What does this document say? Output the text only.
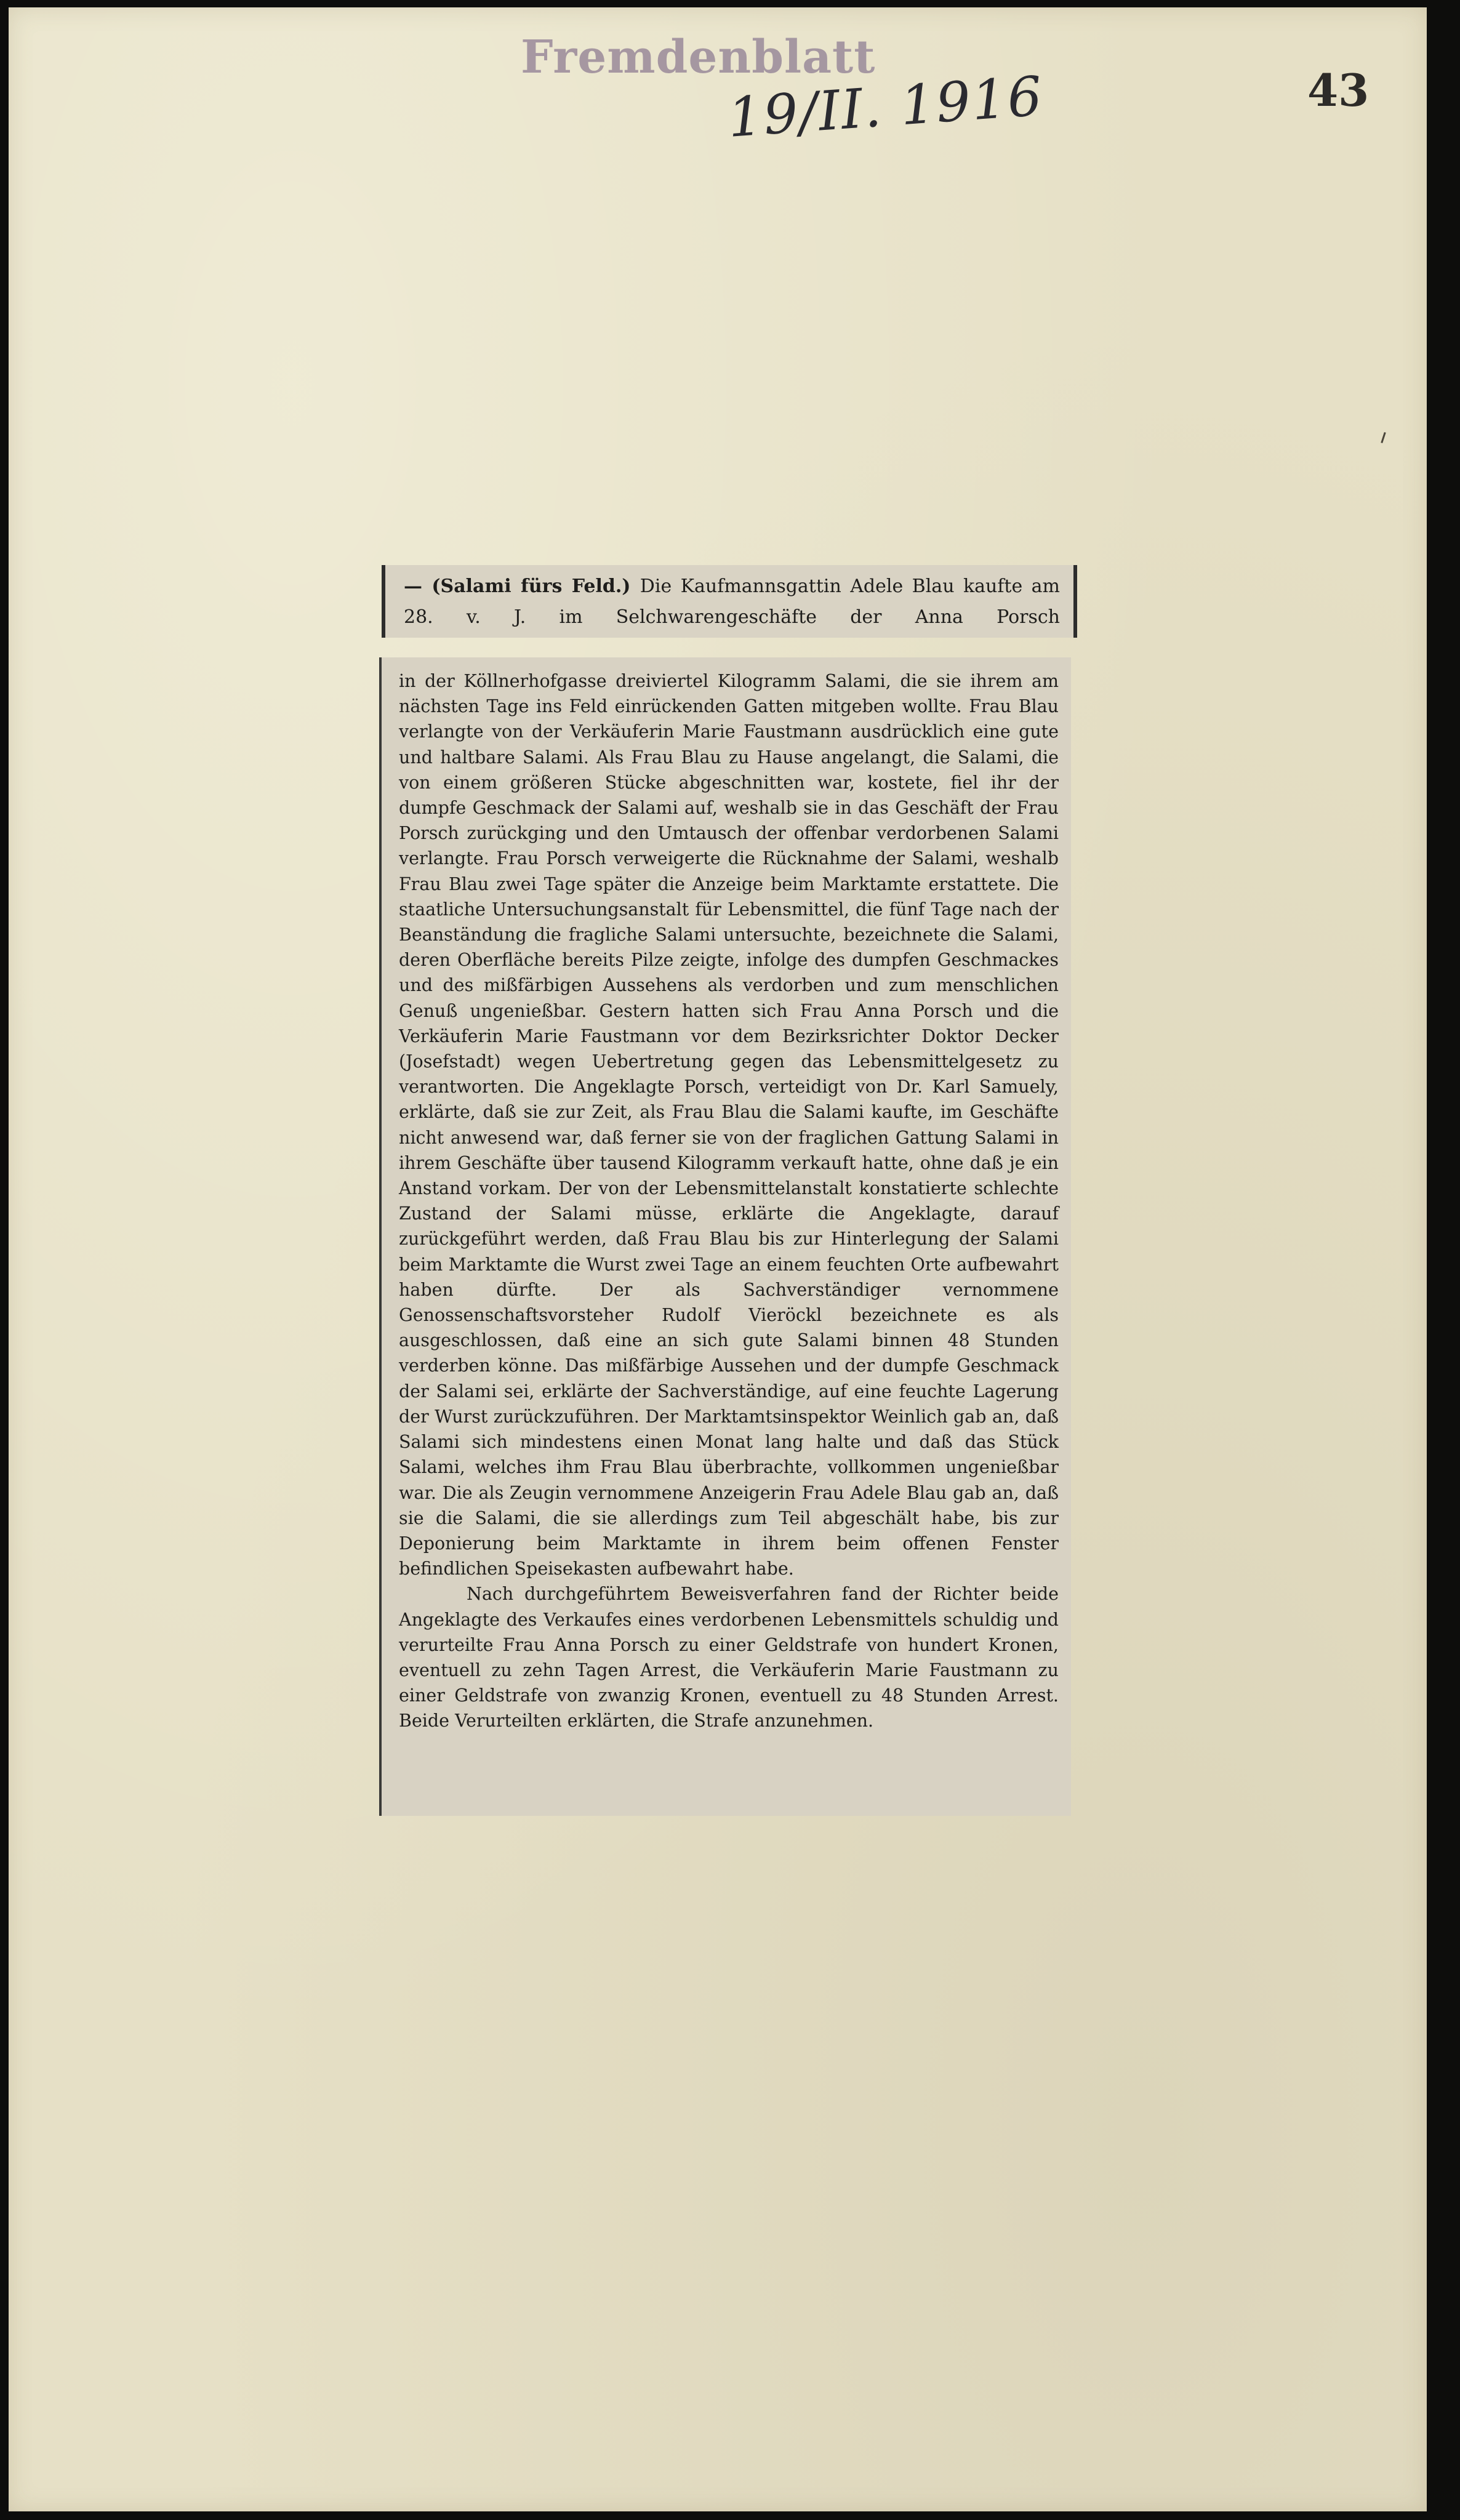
Fremdenblatt
19/II. 1916	43
— (Salami fürs Feld.) Die Kaufmannsgattin Adele Blau kaufte am 28. v. J. im Selchwarengeschäfte der Anna Porsch

in der Köllnerhofgasse dreiviertel Kilogramm Salami, die sie ihrem am nächsten Tage ins Feld einrückenden Gatten mitgeben wollte. Frau Blau verlangte von der Verkäuferin Marie Faustmann ausdrücklich eine gute und haltbare Salami. Als Frau Blau zu Hause angelangt, die Salami, die von einem größeren Stücke abgeschnitten war, kostete, fiel ihr der dumpfe Geschmack der Salami auf, weshalb sie in das Geschäft der Frau Porsch zurückging und den Umtausch der offenbar verdorbenen Salami verlangte. Frau Porsch verweigerte die Rücknahme der Salami, weshalb Frau Blau zwei Tage später die Anzeige beim Marktamte erstattete. Die staatliche Untersuchungsanstalt für Lebensmittel, die fünf Tage nach der Beanständung die fragliche Salami untersuchte, bezeichnete die Salami, deren Oberfläche bereits Pilze zeigte, infolge des dumpfen Geschmackes und des mißfärbigen Aussehens als verdorben und zum menschlichen Genuß ungenießbar. Gestern hatten sich Frau Anna Porsch und die Verkäuferin Marie Faustmann vor dem Bezirksrichter Doktor Decker (Josefstadt) wegen Uebertretung gegen das Lebensmittelgesetz zu verantworten. Die Angeklagte Porsch, verteidigt von Dr. Karl Samuely, erklärte, daß sie zur Zeit, als Frau Blau die Salami kaufte, im Geschäfte nicht anwesend war, daß ferner sie von der fraglichen Gattung Salami in ihrem Geschäfte über tausend Kilogramm verkauft hatte, ohne daß je ein Anstand vorkam. Der von der Lebensmittelanstalt konstatierte schlechte Zustand der Salami müsse, erklärte die Angeklagte, darauf zurückgeführt werden, daß Frau Blau bis zur Hinterlegung der Salami beim Marktamte die Wurst zwei Tage an einem feuchten Orte aufbewahrt haben dürfte. Der als Sachverständiger vernommene Genossenschaftsvorsteher Rudolf Vieröckl bezeichnete es als ausgeschlossen, daß eine an sich gute Salami binnen 48 Stunden verderben könne. Das mißfärbige Aussehen und der dumpfe Geschmack der Salami sei, erklärte der Sachverständige, auf eine feuchte Lagerung der Wurst zurückzuführen. Der Marktamtsinspektor Weinlich gab an, daß Salami sich mindestens einen Monat lang halte und daß das Stück Salami, welches ihm Frau Blau überbrachte, vollkommen ungenießbar war. Die als Zeugin vernommene Anzeigerin Frau Adele Blau gab an, daß sie die Salami, die sie allerdings zum Teil abgeschält habe, bis zur Deponierung beim Marktamte in ihrem beim offenen Fenster befindlichen Speisekasten aufbewahrt habe.

Nach durchgeführtem Beweisverfahren fand der Richter beide Angeklagte des Verkaufes eines verdorbenen Lebensmittels schuldig und verurteilte Frau Anna Porsch zu einer Geldstrafe von hundert Kronen, eventuell zu zehn Tagen Arrest, die Verkäuferin Marie Faustmann zu einer Geldstrafe von zwanzig Kronen, eventuell zu 48 Stunden Arrest. Beide Verurteilten erklärten, die Strafe anzunehmen.
